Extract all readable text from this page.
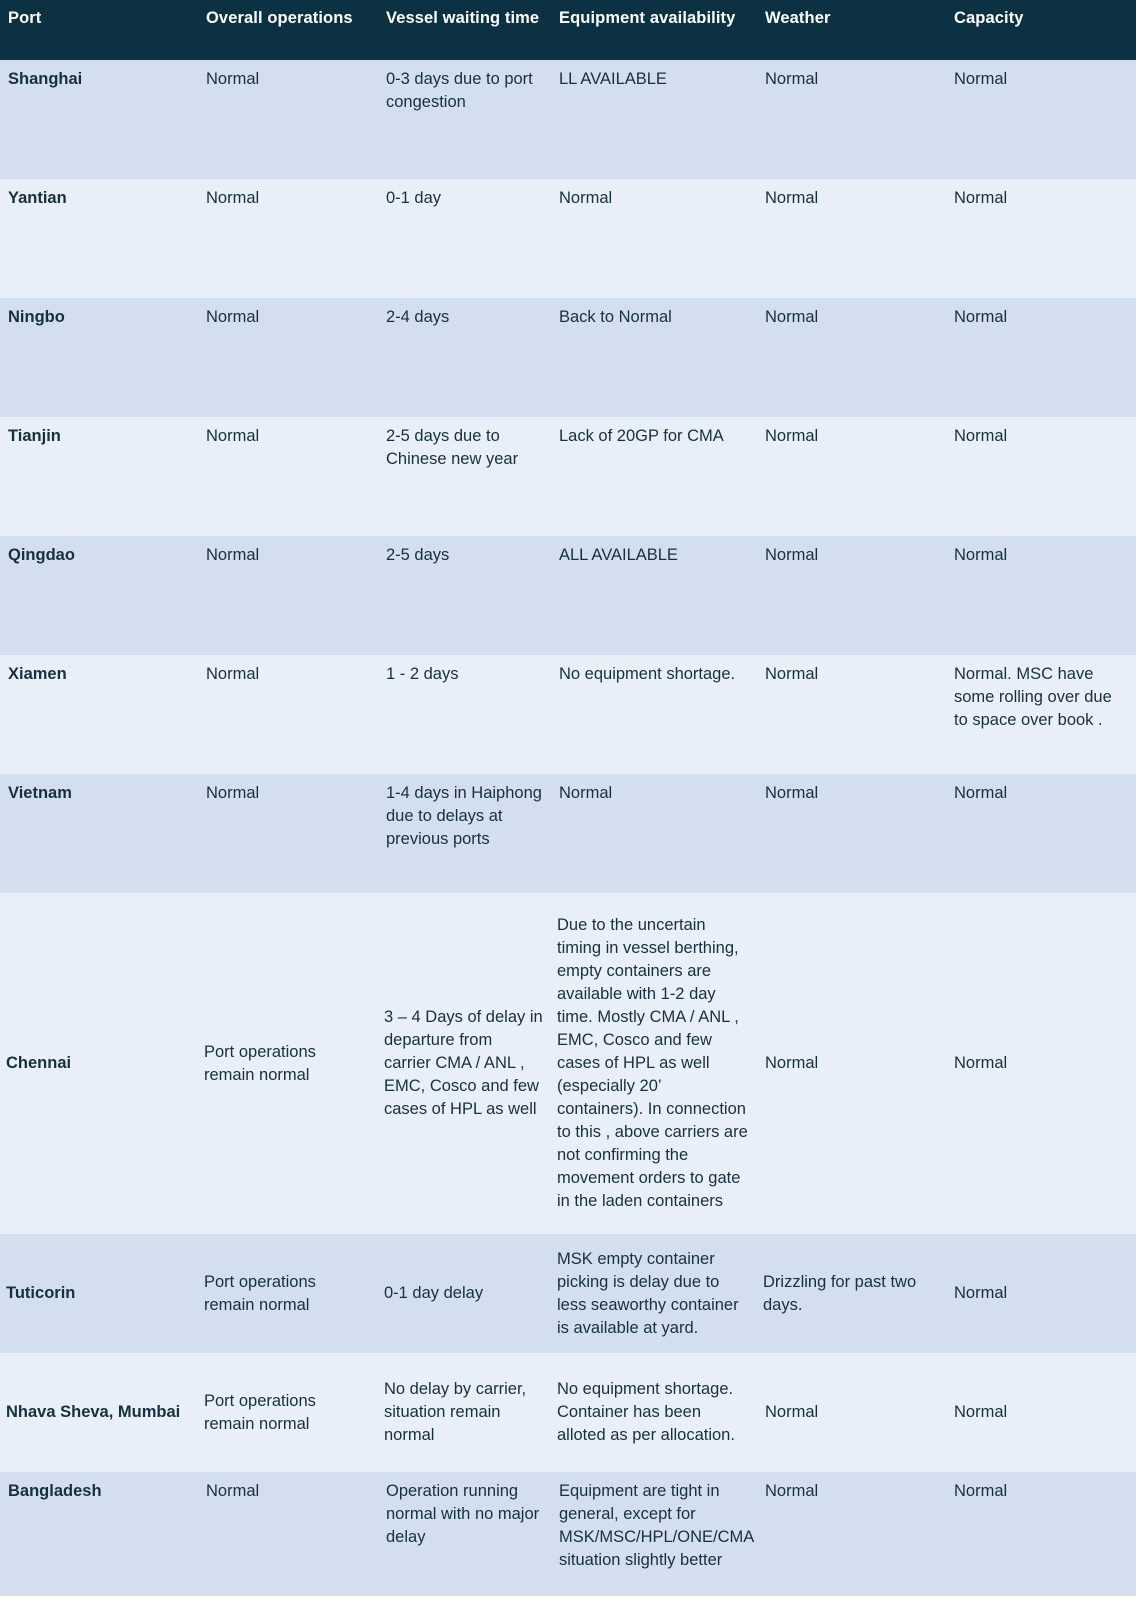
Port	Overall operations	Vessel waiting time	Equipment availability	Weather	Capacity
Shanghai	Normal	0-3 days due to port congestion	LL AVAILABLE	Normal	Normal
Yantian	Normal	0-1 day	Normal	Normal	Normal
Ningbo	Normal	2-4 days	Back to Normal	Normal	Normal
Tianjin	Normal	2-5 days due to Chinese new year	Lack of 20GP for CMA	Normal	Normal
Qingdao	Normal	2-5 days	ALL AVAILABLE	Normal	Normal
Xiamen	Normal	1 - 2 days	No equipment shortage.	Normal	Normal. MSC have some rolling over due to space over book .
Vietnam	Normal	1-4 days in Haiphong due to delays at previous ports	Normal	Normal	Normal
Chennai	Port operations remain normal	3 – 4 Days of delay in departure from carrier CMA / ANL , EMC, Cosco and few cases of HPL as well	Due to the uncertain timing in vessel berthing, empty containers are available with 1-2 day time. Mostly CMA / ANL , EMC, Cosco and few cases of HPL as well (especially 20’ containers). In connection to this , above carriers are not confirming the movement orders to gate in the laden containers	Normal	Normal
Tuticorin	Port operations remain normal	0-1 day delay	MSK empty container picking is delay due to less seaworthy container is available at yard.	Drizzling for past two days.	Normal
Nhava Sheva, Mumbai	Port operations remain normal	No delay by carrier, situation remain normal	No equipment shortage. Container has been alloted as per allocation.	Normal	Normal
Bangladesh	Normal	Operation running normal with no major delay	Equipment are tight in general, except for MSK/MSC/HPL/ONE/CMA situation slightly better	Normal	Normal
